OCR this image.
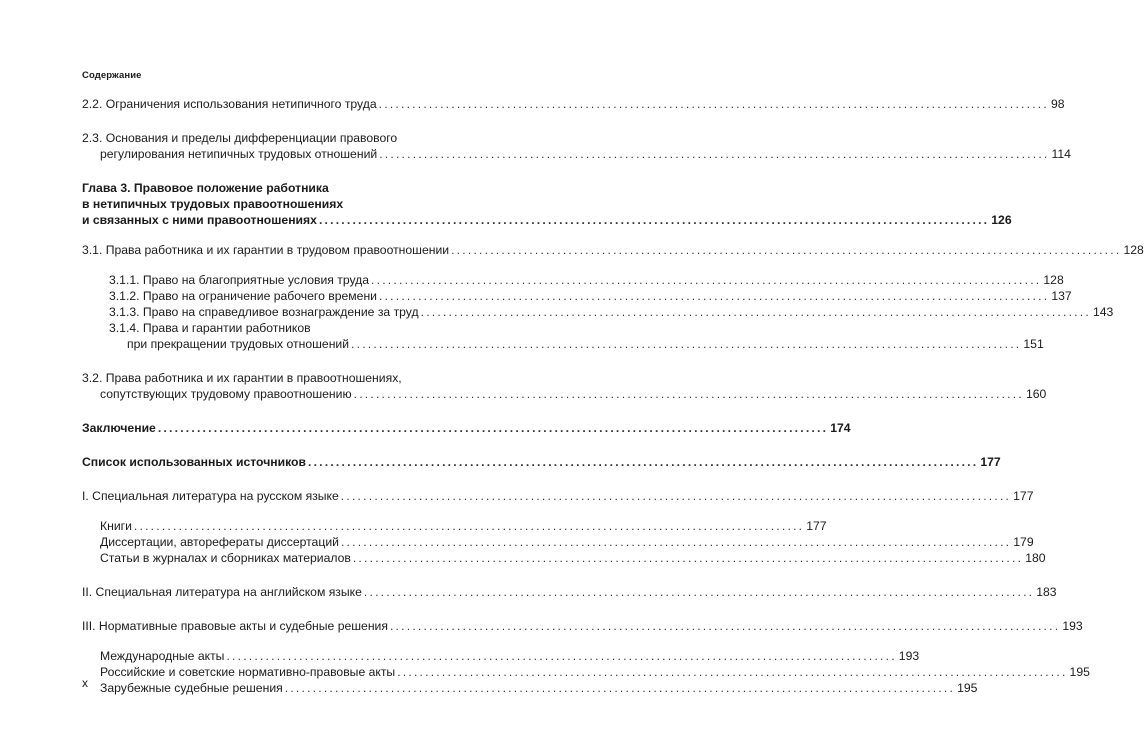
Содержание
2.2. Ограничения использования нетипичного труда ........................................................................................................................ 98
2.3. Основания и пределы дифференциации правового
регулирования нетипичных трудовых отношений ........................................................................................................................ 114
Глава 3. Правовое положение работника
в нетипичных трудовых правоотношениях
и связанных с ними правоотношениях ........................................................................................................................ 126
3.1. Права работника и их гарантии в трудовом правоотношении ........................................................................................................................ 128
3.1.1. Право на благоприятные условия труда ........................................................................................................................ 128
3.1.2. Право на ограничение рабочего времени ........................................................................................................................ 137
3.1.3. Право на справедливое вознаграждение за труд ........................................................................................................................ 143
3.1.4. Права и гарантии работников
при прекращении трудовых отношений ........................................................................................................................ 151
3.2. Права работника и их гарантии в правоотношениях,
сопутствующих трудовому правоотношению ........................................................................................................................ 160
Заключение ........................................................................................................................ 174
Список использованных источников ........................................................................................................................ 177
I. Специальная литература на русском языке ........................................................................................................................ 177
Книги ........................................................................................................................ 177
Диссертации, авторефераты диссертаций ........................................................................................................................ 179
Статьи в журналах и сборниках материалов ........................................................................................................................ 180
II. Специальная литература на английском языке ........................................................................................................................ 183
III. Нормативные правовые акты и судебные решения ........................................................................................................................ 193
Международные акты ........................................................................................................................ 193
Российские и советские нормативно-правовые акты ........................................................................................................................ 195
Зарубежные судебные решения ........................................................................................................................ 195
x
